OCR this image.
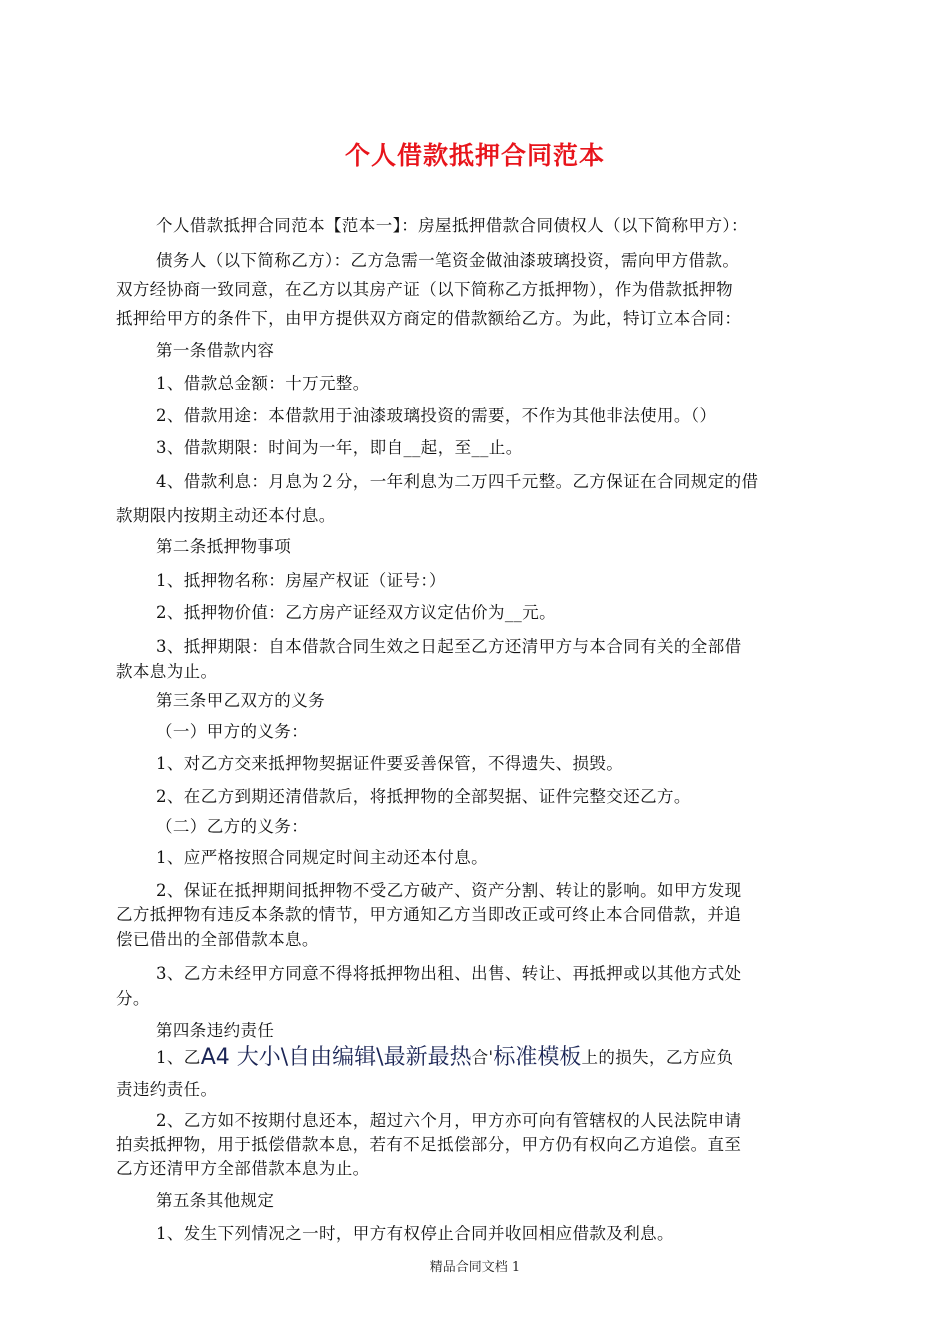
个人借款抵押合同范本
个人借款抵押合同范本【范本一】：房屋抵押借款合同债权人（以下简称甲方）：
债务人（以下简称乙方）：乙方急需一笔资金做油漆玻璃投资，需向甲方借款。
双方经协商一致同意，在乙方以其房产证（以下简称乙方抵押物），作为借款抵押物
抵押给甲方的条件下，由甲方提供双方商定的借款额给乙方。为此，特订立本合同：
第一条借款内容
1、借款总金额：十万元整。
2、借款用途：本借款用于油漆玻璃投资的需要，不作为其他非法使用。（）
3、借款期限：时间为一年，即自__起，至__止。
4、借款利息：月息为２分，一年利息为二万四千元整。乙方保证在合同规定的借
款期限内按期主动还本付息。
第二条抵押物事项
1、抵押物名称：房屋产权证（证号：）
2、抵押物价值：乙方房产证经双方议定估价为__元。
3、抵押期限：自本借款合同生效之日起至乙方还清甲方与本合同有关的全部借
款本息为止。
第三条甲乙双方的义务
（一）甲方的义务：
1、对乙方交来抵押物契据证件要妥善保管，不得遗失、损毁。
2、在乙方到期还清借款后，将抵押物的全部契据、证件完整交还乙方。
（二）乙方的义务：
1、应严格按照合同规定时间主动还本付息。
2、保证在抵押期间抵押物不受乙方破产、资产分割、转让的影响。如甲方发现
乙方抵押物有违反本条款的情节，甲方通知乙方当即改正或可终止本合同借款，并追
偿已借出的全部借款本息。
3、乙方未经甲方同意不得将抵押物出租、出售、转让、再抵押或以其他方式处
分。
第四条违约责任
1、乙A4 大小\自由编辑\最新最热合'标准模板上的损失，乙方应负
责违约责任。
2、乙方如不按期付息还本，超过六个月，甲方亦可向有管辖权的人民法院申请
拍卖抵押物，用于抵偿借款本息，若有不足抵偿部分，甲方仍有权向乙方追偿。直至
乙方还清甲方全部借款本息为止。
第五条其他规定
1、发生下列情况之一时，甲方有权停止合同并收回相应借款及利息。
精品合同文档 1
